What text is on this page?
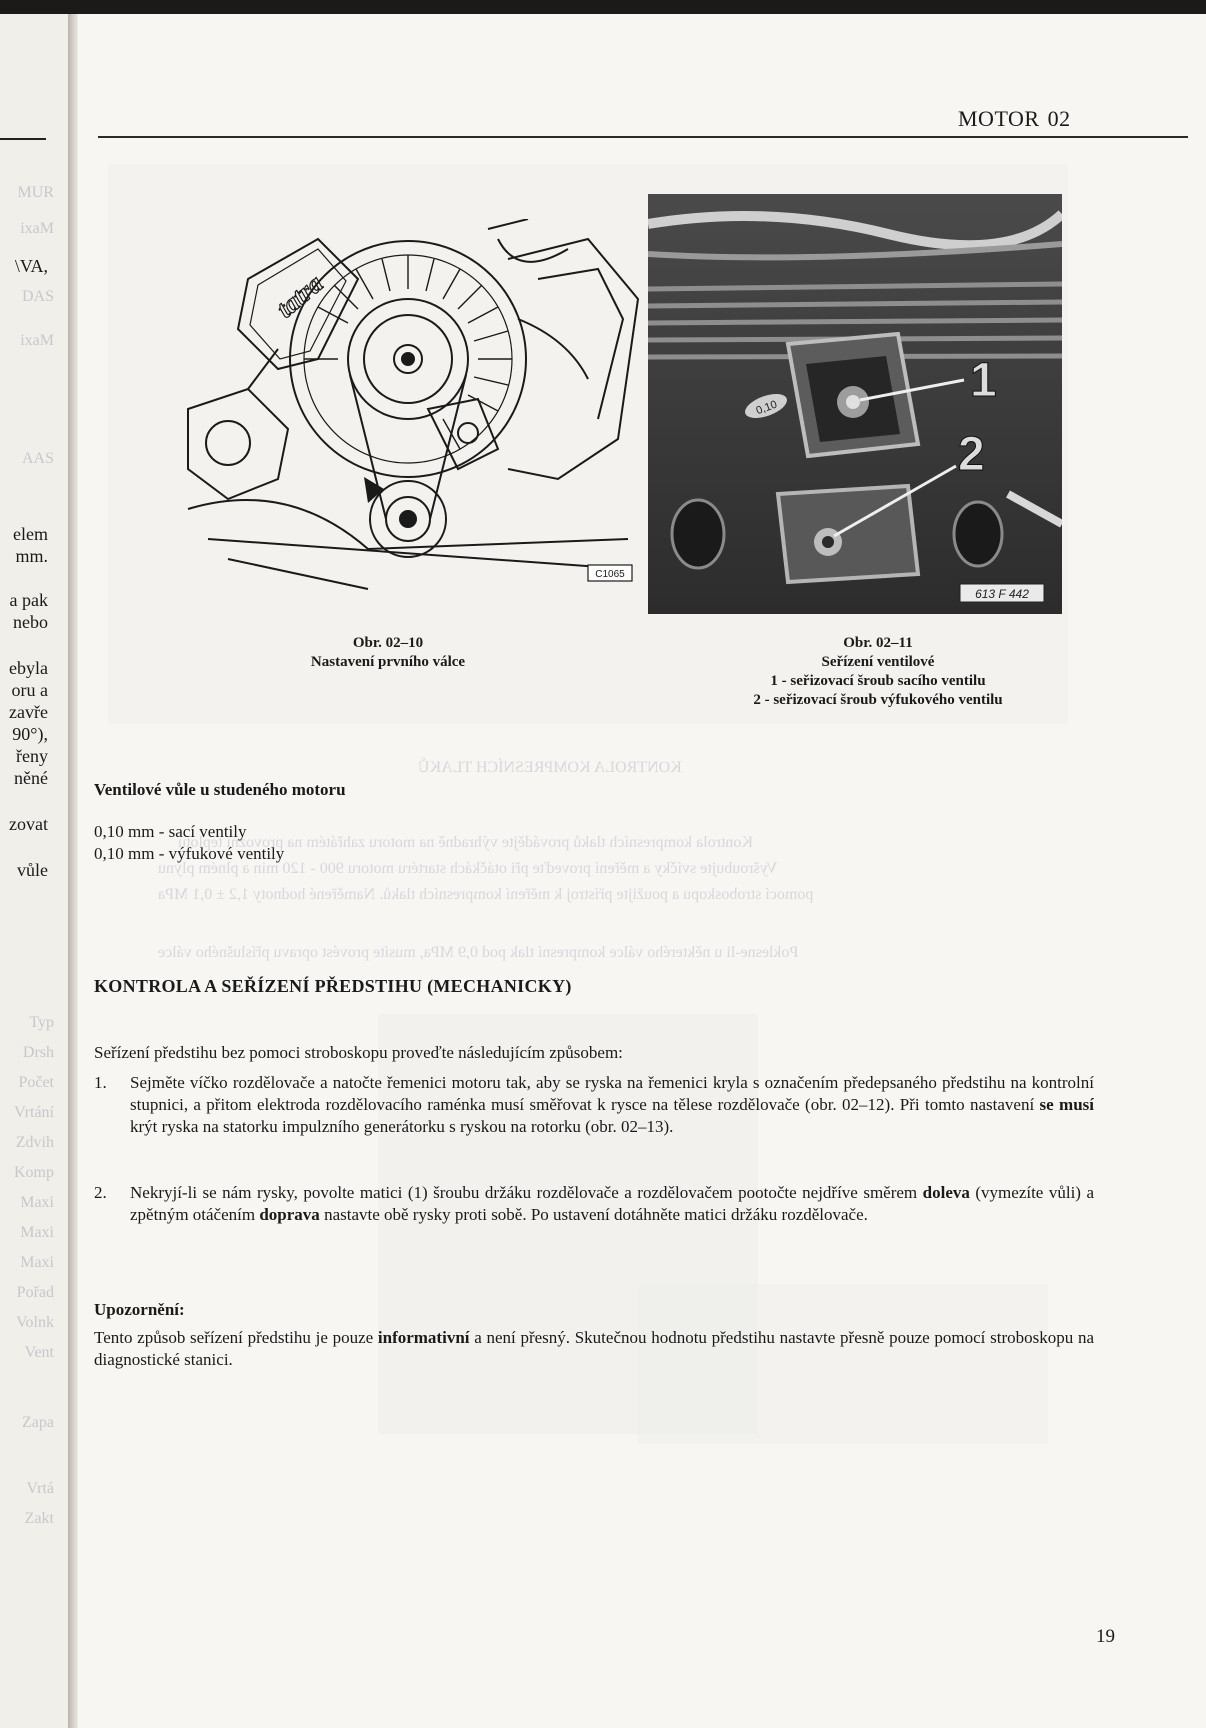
MUR
ixaM
\VA,
DAS
ixaM
AAS
elem
mm.
a pak
nebo
ebyla
oru a
zavře
90°),
řeny
něné
zovat
vůle
Typ
Drsh
Počet
Vrtání
Zdvih
Komp
Maxi
Maxi
Maxi
Pořad
Volnk
Vent
Zapa
Vrtá
Zakt
KONTROLA KOMPRESNÍCH TLAKŮ
Kontrola kompresních tlaků provádějte výhradně na motoru zahřátém na provozní teplotu
Vyšroubujte svíčky a měření proveďte při otáčkách startéru motoru 900 - 120 min a plném plynu
pomocí stroboskopu a použijte přístroj k měření kompresních tlaků. Naměřené hodnoty 1,2 ± 0,1 MPa
Poklesne-li u některého válce kompresní tlak pod 0,9 MPa, musíte provést opravu příslušného válce
MOTOR 02
tatra
C1065
0,10
1
2
613 F 442
Obr. 02–10
Nastavení prvního válce
Obr. 02–11
Seřízení ventilové
1 - seřizovací šroub sacího ventilu
2 - seřizovací šroub výfukového ventilu
Ventilové vůle u studeného motoru
0,10 mm - sací ventily
0,10 mm - výfukové ventily
KONTROLA A SEŘÍZENÍ PŘEDSTIHU (MECHANICKY)
Seřízení předstihu bez pomoci stroboskopu proveďte následujícím způsobem:
1. Sejměte víčko rozdělovače a natočte řemenici motoru tak, aby se ryska na řemenici kryla s označením předepsaného předstihu na kontrolní stupnici, a přitom elektroda rozdělovacího raménka musí směřovat k rysce na tělese rozdělovače (obr. 02–12). Při tomto nastavení se musí krýt ryska na statorku impulzního generátorku s ryskou na rotorku (obr. 02–13).
2. Nekryjí-li se nám rysky, povolte matici (1) šroubu držáku rozdělovače a rozdělovačem pootočte nejdříve směrem doleva (vymezíte vůli) a zpětným otáčením doprava nastavte obě rysky proti sobě. Po ustavení dotáhněte matici držáku rozdělovače.
Upozornění:
Tento způsob seřízení předstihu je pouze informativní a není přesný. Skutečnou hodnotu předstihu nastavte přesně pouze pomocí stroboskopu na diagnostické stanici.
19
